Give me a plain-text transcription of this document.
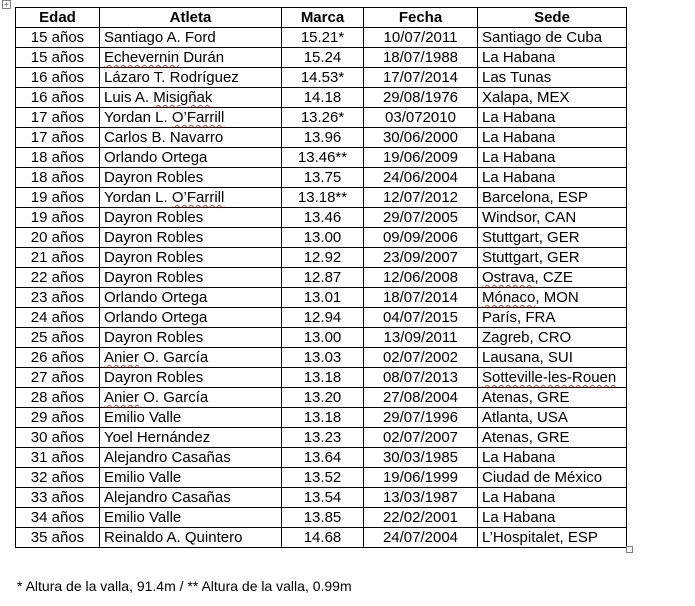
+
Edad	Atleta	Marca	Fecha	Sede
15 años	Santiago A. Ford	15.21*	10/07/2011	Santiago de Cuba
15 años	Echevernin Durán	15.24	18/07/1988	La Habana
16 años	Lázaro T. Rodríguez	14.53*	17/07/2014	Las Tunas
16 años	Luis A. Misigñak	14.18	29/08/1976	Xalapa, MEX
17 años	Yordan L. O’Farrill	13.26*	03/072010	La Habana
17 años	Carlos B. Navarro	13.96	30/06/2000	La Habana
18 años	Orlando Ortega	13.46**	19/06/2009	La Habana
18 años	Dayron Robles	13.75	24/06/2004	La Habana
19 años	Yordan L. O’Farrill	13.18**	12/07/2012	Barcelona, ESP
19 años	Dayron Robles	13.46	29/07/2005	Windsor, CAN
20 años	Dayron Robles	13.00	09/09/2006	Stuttgart, GER
21 años	Dayron Robles	12.92	23/09/2007	Stuttgart, GER
22 años	Dayron Robles	12.87	12/06/2008	Ostrava, CZE
23 años	Orlando Ortega	13.01	18/07/2014	Mónaco, MON
24 años	Orlando Ortega	12.94	04/07/2015	París, FRA
25 años	Dayron Robles	13.00	13/09/2011	Zagreb, CRO
26 años	Anier O. García	13.03	02/07/2002	Lausana, SUI
27 años	Dayron Robles	13.18	08/07/2013	Sotteville-les-Rouen
28 años	Anier O. García	13.20	27/08/2004	Atenas, GRE
29 años	Emilio Valle	13.18	29/07/1996	Atlanta, USA
30 años	Yoel Hernández	13.23	02/07/2007	Atenas, GRE
31 años	Alejandro Casañas	13.64	30/03/1985	La Habana
32 años	Emilio Valle	13.52	19/06/1999	Ciudad de México
33 años	Alejandro Casañas	13.54	13/03/1987	La Habana
34 años	Emilio Valle	13.85	22/02/2001	La Habana
35 años	Reinaldo A. Quintero	14.68	24/07/2004	L’Hospitalet, ESP
* Altura de la valla, 91.4m / ** Altura de la valla, 0.99m
